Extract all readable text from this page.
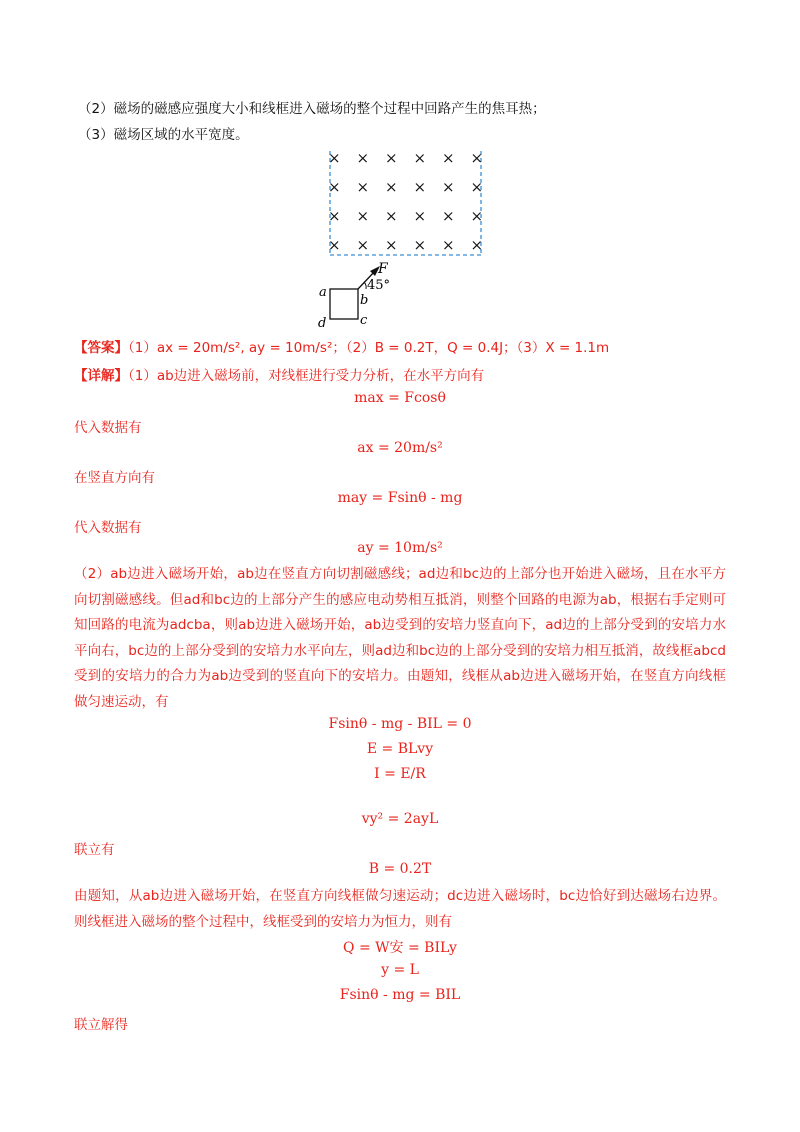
（2）磁场的磁感应强度大小和线框进入磁场的整个过程中回路产生的焦耳热；
（3）磁场区域的水平宽度。
× × × × × ×
× × × × × ×
× × × × × ×
× × × × × ×
F
45°
a
b
c
d
【答案】（1）ax = 20m/s², ay = 10m/s²；（2）B = 0.2T，Q = 0.4J；（3）X = 1.1m
【详解】（1）ab边进入磁场前，对线框进行受力分析，在水平方向有
max = Fcosθ
代入数据有
ax = 20m/s²
在竖直方向有
may = Fsinθ - mg
代入数据有
ay = 10m/s²
（2）ab边进入磁场开始，ab边在竖直方向切割磁感线；ad边和bc边的上部分也开始进入磁场，且在水平方向切割磁感线。但ad和bc边的上部分产生的感应电动势相互抵消，则整个回路的电源为ab，根据右手定则可知回路的电流为adcba，则ab边进入磁场开始，ab边受到的安培力竖直向下，ad边的上部分受到的安培力水平向右，bc边的上部分受到的安培力水平向左，则ad边和bc边的上部分受到的安培力相互抵消，故线框abcd受到的安培力的合力为ab边受到的竖直向下的安培力。由题知，线框从ab边进入磁场开始，在竖直方向线框做匀速运动，有
Fsinθ - mg - BIL = 0
E = BLvy
I = E/R
vy² = 2ayL
联立有
B = 0.2T
由题知，从ab边进入磁场开始，在竖直方向线框做匀速运动；dc边进入磁场时，bc边恰好到达磁场右边界。则线框进入磁场的整个过程中，线框受到的安培力为恒力，则有
Q = W安 = BILy
y = L
Fsinθ - mg = BIL
联立解得
